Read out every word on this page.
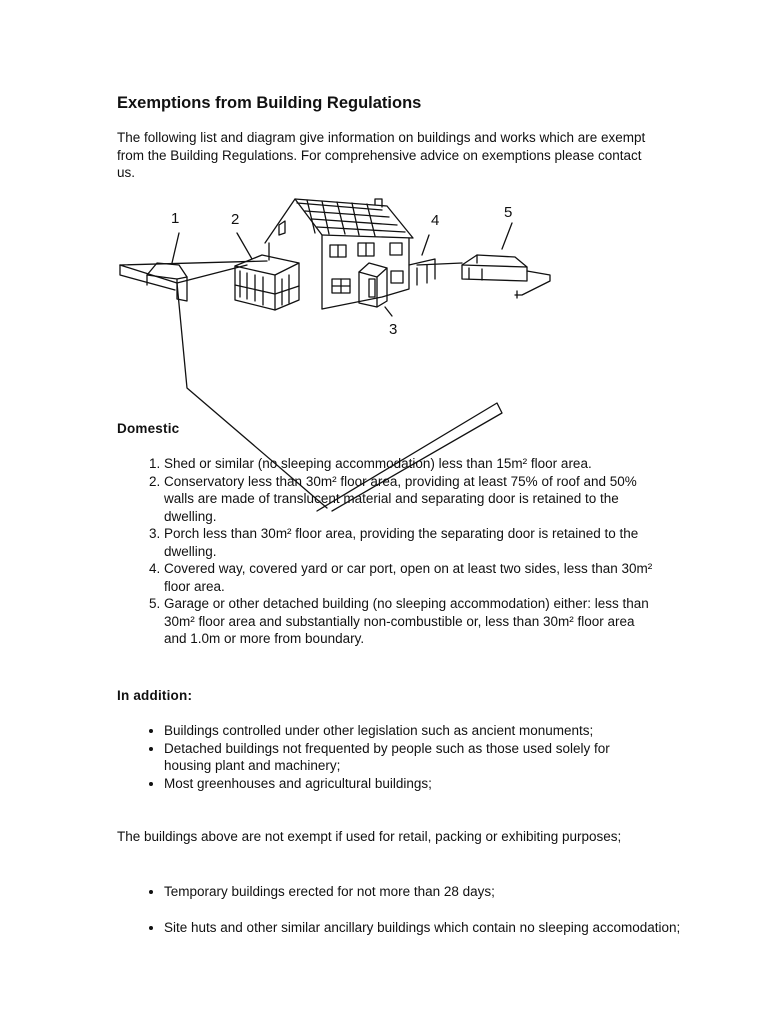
Exemptions from Building Regulations

The following list and diagram give information on buildings and works which are exempt from the Building Regulations. For comprehensive advice on exemptions please contact us.

1	2
3
4	5
Domestic
1. Shed or similar (no sleeping accommodation) less than 15m² floor area.
2. Conservatory less than 30m² floor area, providing at least 75% of roof and 50% walls are made of translucent material and separating door is retained to the dwelling.
3. Porch less than 30m² floor area, providing the separating door is retained to the dwelling.
4. Covered way, covered yard or car port, open on at least two sides, less than 30m² floor area.
5. Garage or other detached building (no sleeping accommodation) either: less than 30m² floor area and substantially non-combustible or, less than 30m² floor area and 1.0m or more from boundary.
In addition:
• Buildings controlled under other legislation such as ancient monuments;
• Detached buildings not frequented by people such as those used solely for housing plant and machinery;
• Most greenhouses and agricultural buildings;

The buildings above are not exempt if used for retail, packing or exhibiting purposes;

• Temporary buildings erected for not more than 28 days;
• Site huts and other similar ancillary buildings which contain no sleeping accomodation;
